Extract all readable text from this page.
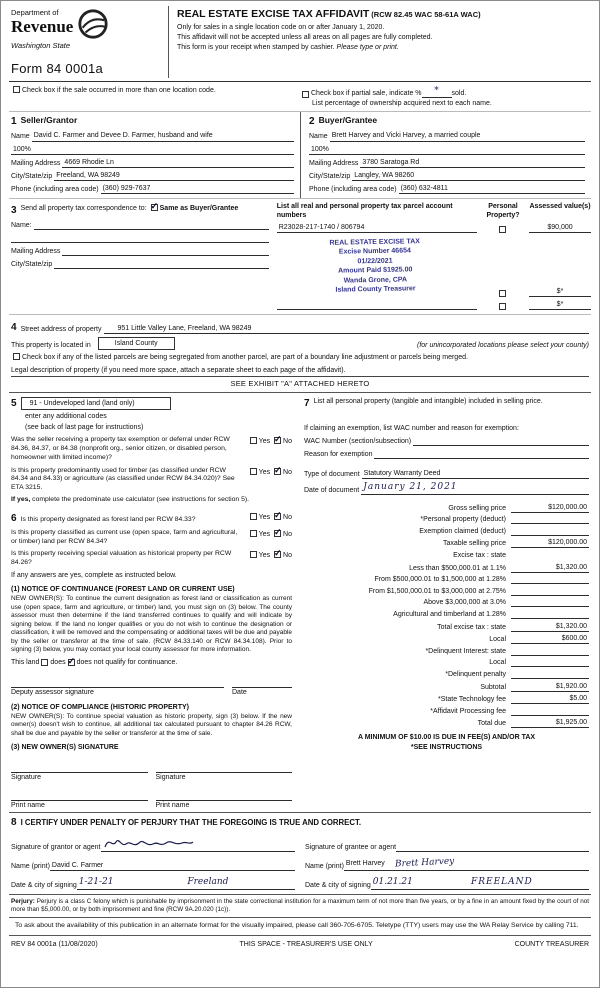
Department of
Revenue
Washington State
Form 84 0001a
REAL ESTATE EXCISE TAX AFFIDAVIT (RCW 82.45 WAC 58-61A WAC)
Only for sales in a single location code on or after January 1, 2020.
This affidavit will not be accepted unless all areas on all pages are fully completed.
This form is your receipt when stamped by cashier. Please type or print.
Check box if the sale occurred in more than one location code.
Check box if partial sale, indicate %	*	sold.
List percentage of ownership acquired next to each name.
1 Seller/Grantor
Name David C. Farmer and Devee D. Farmer, husband and wife
100%
Mailing Address 4669 Rhodie Ln
City/State/zip Freeland, WA 98249
Phone (including area code) (360) 929-7637
2 Buyer/Grantee
Name Brett Harvey and Vicki Harvey, a married couple
100%
Mailing Address 3780 Saratoga Rd
City/State/zip Langley, WA 98260
Phone (including area code) (360) 632-4811
3 Send all property tax correspondence to: ✓ Same as Buyer/Grantee
Name:
Mailing Address
City/State/zip
List all real and personal property tax parcel account numbers
Personal Property?
Assessed value(s)
R23028-217-1740 / 806794	$90,000
REAL ESTATE EXCISE TAX
Excise Number 46654
01/22/2021
Amount Paid $1925.00
Wanda Grone, CPA
Island County Treasurer	$*
$*
4 Street address of property	951 Little Valley Lane, Freeland, WA 98249
This property is located in	Island County	(for unincorporated locations please select your county)
Check box if any of the listed parcels are being segregated from another parcel, are part of a boundary line adjustment or parcels being merged.
Legal description of property (if you need more space, attach a separate sheet to each page of the affidavit).
SEE EXHIBIT "A" ATTACHED HERETO
5	91 - Undeveloped land (land only)
enter any additional codes
(see back of last page for instructions)
Was the seller receiving a property tax exemption or deferral under RCW 84.36, 84.37, or 84.38 (nonprofit org., senior citizen, or disabled person, homeowner with limited income)?
Yes ✓ No
Is this property predominantly used for timber (as classified under RCW 84.34 and 84.33) or agriculture (as classified under RCW 84.34.020)? See ETA 3215.
Yes ✓ No
If yes, complete the predominate use calculator (see instructions for section 5).
6 Is this property designated as forest land per RCW 84.33?	Yes ✓ No
Is this property classified as current use (open space, farm and agricultural, or timber) land per RCW 84.34?
Yes ✓ No
Is this property receiving special valuation as historical property per RCW 84.26?
Yes ✓ No
If any answers are yes, complete as instructed below.
(1) NOTICE OF CONTINUANCE (FOREST LAND OR CURRENT USE)
NEW OWNER(S): To continue the current designation as forest land or classification as current use (open space, farm and agriculture, or timber) land, you must sign on (3) below. The county assessor must then determine if the land transferred continues to qualify and will indicate by signing below. If the land no longer qualifies or you do not wish to continue the designation or classification, it will be removed and the compensating or additional taxes will be due and payable by the seller or transferor at the time of sale. (RCW 84.33.140 or RCW 84.34.108). Prior to signing (3) below, you may contact your local county assessor for more information.
This land does ✓ does not qualify for continuance.
Deputy assessor signature	Date
(2) NOTICE OF COMPLIANCE (HISTORIC PROPERTY)
NEW OWNER(S): To continue special valuation as historic property, sign (3) below. If the new owner(s) doesn't wish to continue, all additional tax calculated pursuant to chapter 84.26 RCW, shall be due and payable by the seller or transferor at the time of sale.
(3) NEW OWNER(S) SIGNATURE
Signature	Signature
Print name	Print name
7 List all personal property (tangible and intangible) included in selling price.
If claiming an exemption, list WAC number and reason for exemption:
WAC Number (section/subsection)
Reason for exemption
Type of document Statutory Warranty Deed
Date of document January 21, 2021
Gross selling price	$120,000.00
*Personal property (deduct)
Exemption claimed (deduct)
Taxable selling price	$120,000.00
Excise tax : state
Less than $500,000.01 at 1.1%	$1,320.00
From $500,000.01 to $1,500,000 at 1.28%
From $1,500,000.01 to $3,000,000 at 2.75%
Above $3,000,000 at 3.0%
Agricultural and timberland at 1.28%
Total excise tax : state	$1,320.00
Local	$600.00
*Delinquent Interest: state
Local
*Delinquent penalty
Subtotal	$1,920.00
*State Technology fee	$5.00
*Affidavit Processing fee
Total due	$1,925.00
A MINIMUM OF $10.00 IS DUE IN FEE(S) AND/OR TAX
*SEE INSTRUCTIONS
8 I CERTIFY UNDER PENALTY OF PERJURY THAT THE FOREGOING IS TRUE AND CORRECT.
Signature of grantor or agent	Signature of grantee or agent
Name (print) David C. Farmer	Name (print) Brett Harvey Brett Harvey
Date & city of signing 1-21-21	Freeland	Date & city of signing 01.21.21	FREELAND
Perjury: Perjury is a class C felony which is punishable by imprisonment in the state correctional institution for a maximum term of not more than five years, or by a fine in an amount fixed by the court of not more than $5,000.00, or by both imprisonment and fine (RCW 9A.20.020 (1c)).
To ask about the availability of this publication in an alternate format for the visually impaired, please call 360-705-6705. Teletype (TTY) users may use the WA Relay Service by calling 711.
REV 84 0001a (11/08/2020)	THIS SPACE - TREASURER'S USE ONLY	COUNTY TREASURER
